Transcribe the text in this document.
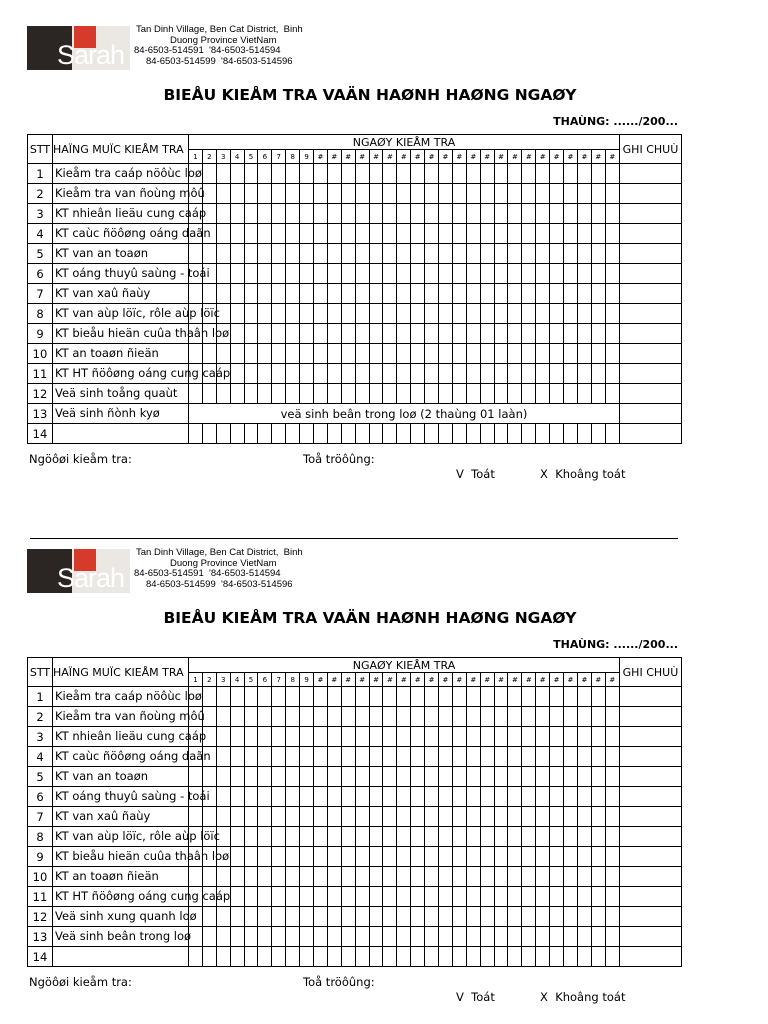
Sarah
Tan Dinh Village, Ben Cat District,  Binh
Duong Province VietNam
84-6503-514591  '84-6503-514594
84-6503-514599  '84-6503-514596
BIEÅU KIEÅM TRA VAÄN HAØNH HAØNG NGAØY
THAÙNG: ....../200...
STT	HAÏNG MUÏC KIEÅM TRA	NGAØY KIEÅM TRA																															GHI CHUÙ
		1	2	3	4	5	6	7	8	9	#	#	#	#	#	#	#	#	#	#	#	#	#	#	#	#	#	#	#	#	#	#	
1	Kieåm tra caáp nöôùc loø																																

2	Kieåm tra van ñoùng môû																																

3	KT nhieân lieäu cung caáp																																

4	KT caùc ñöôøng oáng daãn																																

5	KT van an toaøn																																

6	KT oáng thuyû saùng - toái																																

7	KT van xaû ñaùy																																

8	KT van aùp löïc, rôle aùp löïc																																

9	KT bieåu hieän cuûa thaân loø																																

10	KT an toaøn ñieän																																

11	KT HT ñöôøng oáng cung caáp																																

12	Veä sinh toång quaùt																																

13	Veä sinh ñònh kyø	veä sinh beân trong loø (2 thaùng 01 laàn)																															
14	

Ngöôøi kieåm tra:	Toå tröôûng:
V  Toát	X  Khoâng toát
Sarah
Tan Dinh Village, Ben Cat District,  Binh
Duong Province VietNam
84-6503-514591  '84-6503-514594
84-6503-514599  '84-6503-514596
BIEÅU KIEÅM TRA VAÄN HAØNH HAØNG NGAØY
THAÙNG: ....../200...
STT	HAÏNG MUÏC KIEÅM TRA	NGAØY KIEÅM TRA																															GHI CHUÙ
		1	2	3	4	5	6	7	8	9	#	#	#	#	#	#	#	#	#	#	#	#	#	#	#	#	#	#	#	#	#	#	
1	Kieåm tra caáp nöôùc loø																																

2	Kieåm tra van ñoùng môû																																

3	KT nhieân lieäu cung caáp																																

4	KT caùc ñöôøng oáng daãn																																

5	KT van an toaøn																																

6	KT oáng thuyû saùng - toái																																

7	KT van xaû ñaùy																																

8	KT van aùp löïc, rôle aùp löïc																																

9	KT bieåu hieän cuûa thaân loø																																

10	KT an toaøn ñieän																																

11	KT HT ñöôøng oáng cung caáp																																

12	Veä sinh xung quanh loø																																

13	Veä sinh beân trong loø																																

14	

Ngöôøi kieåm tra:	Toå tröôûng:
V  Toát	X  Khoâng toát
